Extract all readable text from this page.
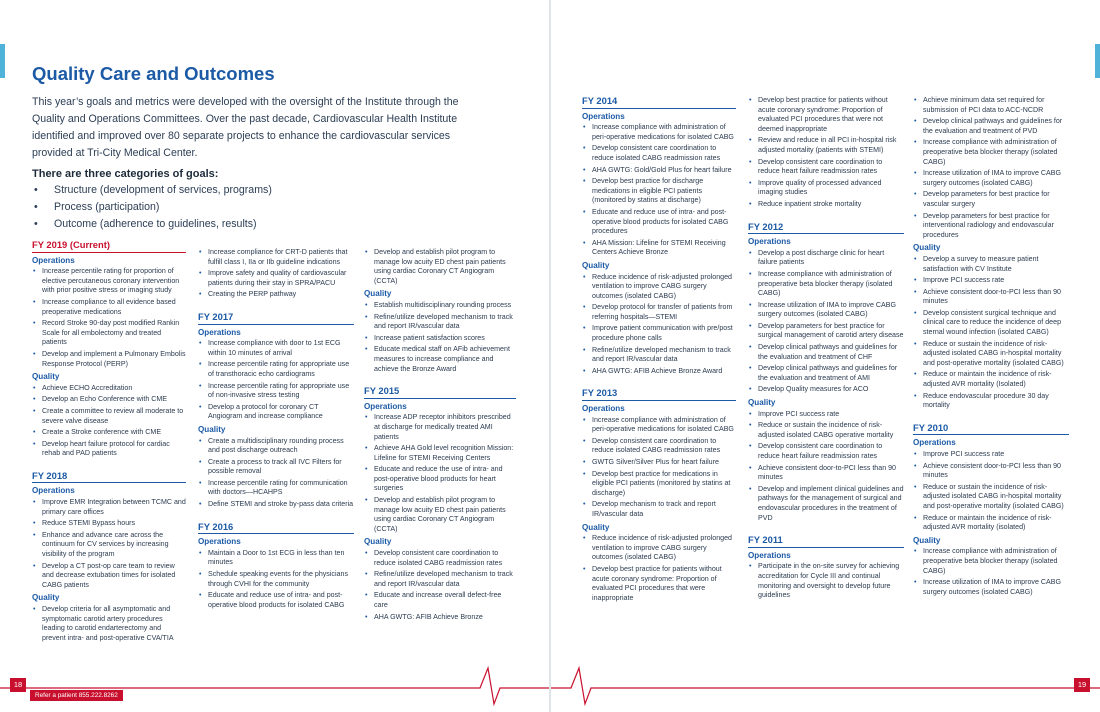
Quality Care and Outcomes
This year’s goals and metrics were developed with the oversight of the Institute through the Quality and Operations Committees. Over the past decade, Cardiovascular Health Institute identified and improved over 80 separate projects to enhance the cardiovascular services provided at Tri-City Medical Center.
There are three categories of goals:
• Structure (development of services, programs)
• Process (participation)
• Outcome (adherence to guidelines, results)
FY 2019 (Current)
Operations
• Increase percentile rating for proportion of elective percutaneous coronary intervention with prior positive stress or imaging study
• Increase compliance to all evidence based preoperative medications
• Record Stroke 90-day post modified Rankin Scale for all embolectomy and treated patients
• Develop and implement a Pulmonary Embolis Response Protocol (PERP)
Quality
• Achieve ECHO Accreditation
• Develop an Echo Conference with CME
• Create a committee to review all moderate to severe valve disease
• Create a Stroke conference with CME
• Develop heart failure protocol for cardiac rehab and PAD patients
FY 2018
Operations
• Improve EMR Integration between TCMC and primary care offices
• Reduce STEMI Bypass hours
• Enhance and advance care across the continuum for CV services by increasing visibility of the program
• Develop a CT post-op care team to review and decrease extubation times for isolated CABG patients
Quality
• Develop criteria for all asymptomatic and symptomatic carotid artery procedures leading to carotid endarterectomy and prevent intra- and post-operative CVA/TIA
• Increase compliance for CRT-D patients that fulfill class I, IIa or IIb guideline indications
• Improve safety and quality of cardiovascular patients during their stay in SPRA/PACU
• Creating the PERP pathway
FY 2017
Operations
• Increase compliance with door to 1st ECG within 10 minutes of arrival
• Increase percentile rating for appropriate use of transthoracic echo cardiograms
• Increase percentile rating for appropriate use of non-invasive stress testing
• Develop a protocol for coronary CT Angiogram and increase compliance
Quality
• Create a multidisciplinary rounding process and post discharge outreach
• Create a process to track all IVC Filters for possible removal
• Increase percentile rating for communication with doctors—HCAHPS
• Define STEMI and stroke by-pass data criteria
FY 2016
Operations
• Maintain a Door to 1st ECG in less than ten minutes
• Schedule speaking events for the physicians through CVHI for the community
• Educate and reduce use of intra- and post-operative blood products for isolated CABG
• Develop and establish pilot program to manage low acuity ED chest pain patients using cardiac Coronary CT Angiogram (CCTA)
Quality
• Establish multidisciplinary rounding process
• Refine/utilize developed mechanism to track and report IR/vascular data
• Increase patient satisfaction scores
• Educate medical staff on AFib achievement measures to increase compliance and achieve the Bronze Award
FY 2015
Operations
• Increase ADP receptor inhibitors prescribed at discharge for medically treated AMI patients
• Achieve AHA Gold level recognition Mission: Lifeline for STEMI Receiving Centers
• Educate and reduce the use of intra- and post-operative blood products for heart surgeries
• Develop and establish pilot program to manage low acuity ED chest pain patients using cardiac Coronary CT Angiogram (CCTA)
Quality
• Develop consistent care coordination to reduce isolated CABG readmission rates
• Refine/utilize developed mechanism to track and report IR/vascular data
• Educate and increase overall defect-free care
• AHA GWTG: AFIB Achieve Bronze
18
Refer a patient 855.222.8262
FY 2014
Operations
• Increase compliance with administration of peri-operative medications for isolated CABG
• Develop consistent care coordination to reduce isolated CABG readmission rates
• AHA GWTG: Gold/Gold Plus for heart failure
• Develop best practice for discharge medications in eligible PCI patients (monitored by statins at discharge)
• Educate and reduce use of intra- and post-operative blood products for isolated CABG procedures
• AHA Mission: Lifeline for STEMI Receiving Centers Achieve Bronze
Quality
• Reduce incidence of risk-adjusted prolonged ventilation to improve CABG surgery outcomes (isolated CABG)
• Develop protocol for transfer of patients from referring hospitals—STEMI
• Improve patient communication with pre/post procedure phone calls
• Refine/utilize developed mechanism to track and report IR/vascular data
• AHA GWTG: AFIB Achieve Bronze Award
FY 2013
Operations
• Increase compliance with administration of peri-operative medications for isolated CABG
• Develop consistent care coordination to reduce isolated CABG readmission rates
• GWTG Silver/Silver Plus for heart failure
• Develop best practice for medications in eligible PCI patients (monitored by statins at discharge)
• Develop mechanism to track and report IR/vascular data
Quality
• Reduce incidence of risk-adjusted prolonged ventilation to improve CABG surgery outcomes (isolated CABG)
• Develop best practice for patients without acute coronary syndrome: Proportion of evaluated PCI procedures that were inappropriate
• Develop best practice for patients without acute coronary syndrome: Proportion of evaluated PCI procedures that were not deemed inappropriate
• Review and reduce in all PCI in-hospital risk adjusted mortality (patients with STEMI)
• Develop consistent care coordination to reduce heart failure readmission rates
• Improve quality of processed advanced imaging studies
• Reduce inpatient stroke mortality
FY 2012
Operations
• Develop a post discharge clinic for heart failure patients
• Increase compliance with administration of preoperative beta blocker therapy (isolated CABG)
• Increase utilization of IMA to improve CABG surgery outcomes (isolated CABG)
• Develop parameters for best practice for surgical management of carotid artery disease
• Develop clinical pathways and guidelines for the evaluation and treatment of CHF
• Develop clinical pathways and guidelines for the evaluation and treatment of AMI
• Develop Quality measures for ACO
Quality
• Improve PCI success rate
• Reduce or sustain the incidence of risk-adjusted isolated CABG operative mortality
• Develop consistent care coordination to reduce heart failure readmission rates
• Achieve consistent door-to-PCI less than 90 minutes
• Develop and implement clinical guidelines and pathways for the management of surgical and endovascular procedures in the treatment of PVD
FY 2011
Operations
• Participate in the on-site survey for achieving accreditation for Cycle III and continual monitoring and oversight to develop future guidelines
• Achieve minimum data set required for submission of PCI data to ACC-NCDR
• Develop clinical pathways and guidelines for the evaluation and treatment of PVD
• Increase compliance with administration of preoperative beta blocker therapy (isolated CABG)
• Increase utilization of IMA to improve CABG surgery outcomes (isolated CABG)
• Develop parameters for best practice for vascular surgery
• Develop parameters for best practice for interventional radiology and endovascular procedures
Quality
• Develop a survey to measure patient satisfaction with CV Institute
• Improve PCI success rate
• Achieve consistent door-to-PCI less than 90 minutes
• Develop consistent surgical technique and clinical care to reduce the incidence of deep sternal wound infection (isolated CABG)
• Reduce or sustain the incidence of risk-adjusted isolated CABG in-hospital mortality and post-operative mortality (isolated CABG)
• Reduce or maintain the incidence of risk-adjusted AVR mortality (Isolated)
• Reduce endovascular procedure 30 day mortality
FY 2010
Operations
• Improve PCI success rate
• Achieve consistent door-to-PCI less than 90 minutes
• Reduce or sustain the incidence of risk-adjusted isolated CABG in-hospital mortality and post-operative mortality (isolated CABG)
• Reduce or maintain the incidence of risk-adjusted AVR mortality (isolated)
Quality
• Increase compliance with administration of preoperative beta blocker therapy (isolated CABG)
• Increase utilization of IMA to improve CABG surgery outcomes (isolated CABG)
19
